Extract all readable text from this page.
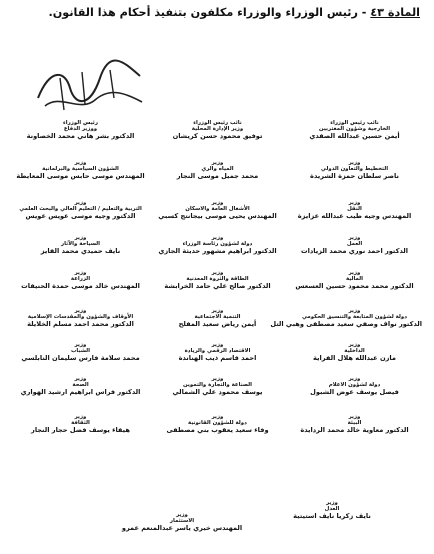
المادة ٤٣ - رئيس الوزراء والوزراء مكلفون بتنفيذ أحكام هذا القانون.
نائب رئيس الوزراء
الخارجية وشؤون المغتربين
أيمن حسين عبدالله الصفدي
وزير
التخطيط والتعاون الدولي
ناصر سلطان حمزة الشريدة
وزير
النقل
المهندس وجيه طيب عبدالله عزايزة
وزير
العمل
الدكتور احمد نوري محمد الزيادات
وزير
المالية
الدكتور محمد محمود حسين العسعس
وزير
دولة لشؤون المتابعة والتنسيق الحكومي
الدكتور نواف وصفي سعيد مصطفى وهبي التل
وزير
الداخلية
مازن عبدالله هلال الفراية
وزير
دولة لشؤون الاعلام
فيصل يوسف عوض الشبول
وزير
البيئة
الدكتور معاوية خالد محمد الردايدة
نائب رئيس الوزراء
وزير الإدارة المحلية
توفيق محمود حسن كريشان
وزير
المياه والري
محمد جميل موسى النجار
وزير
الأشغال العامة والاسكان
المهندس يحيى موسى بيجانتج كسبي
وزير
دولة لشؤون رئاسة الوزراء
الدكتور ابراهيم مشهور حديثة الجازي
وزير
الطاقة والثروة المعدنية
الدكتور صالح علي حامد الخرابشة
وزير
التنمية الاجتماعية
أيمن رياض سعيد المفلح
وزير
الاقتصاد الرقمي والريادة
احمد قاسم ذيب الهناندة
وزير
الصناعة والتجارة والتموين
يوسف محمود علي الشمالي
وزير
دولة للشؤون القانونية
وفاء سعيد يعقوب بني مصطفى
رئيس الوزراء
ووزير الدفاع
الدكتور بشر هاني محمد الخصاونة
وزير
الشؤون السياسية والبرلمانية
المهندس موسى حابس موسى المعايطة
وزير
التربية والتعليم / التعليم العالي والبحث العلمي
الدكتور وجيه موسى عويس عويس
وزير
السياحة والآثار
نايف حميدي محمد الفايز
وزير
الزراعة
المهندس خالد موسى حمدة الحنيفات
وزير
الأوقاف والشؤون والمقدسات الإسلامية
الدكتور محمد احمد مسلم الخلايلة
وزير
الشباب
محمد سلامة فارس سليمان النابلسي
وزير
الصحة
الدكتور فراس ابراهيم ارشيد الهواري
وزير
الثقافة
هيفاء يوسف فضل حجار النجار
وزير
العدل
نايف زكريا نايف استيتية
وزير
الاستثمار
المهندس خيري ياسر عبدالمنعم عمرو
